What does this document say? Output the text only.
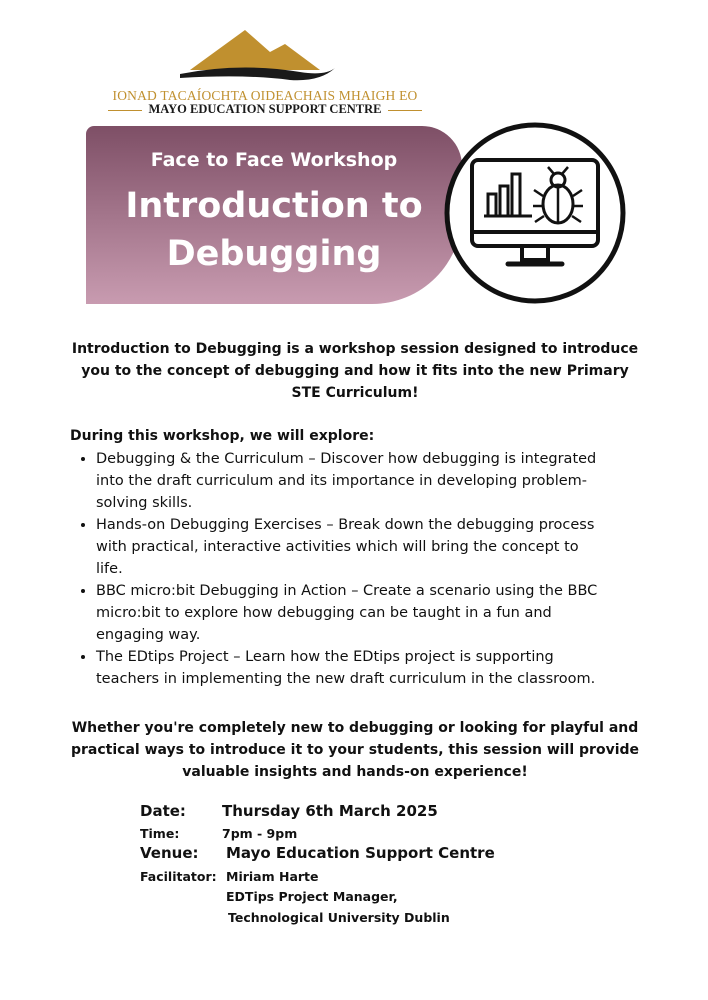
IONAD TACAÍOCHTA OIDEACHAIS MHAIGH EO
MAYO EDUCATION SUPPORT CENTRE
Face to Face Workshop
Introduction to
Debugging
Introduction to Debugging is a workshop session designed to introduce
you to the concept of debugging and how it fits into the new Primary
STE Curriculum!
During this workshop, we will explore:
• Debugging & the Curriculum – Discover how debugging is integrated
into the draft curriculum and its importance in developing problem-
solving skills.
• Hands-on Debugging Exercises – Break down the debugging process
with practical, interactive activities which will bring the concept to
life.
• BBC micro:bit Debugging in Action – Create a scenario using the BBC
micro:bit to explore how debugging can be taught in a fun and
engaging way.
• The EDtips Project – Learn how the EDtips project is supporting
teachers in implementing the new draft curriculum in the classroom.
Whether you're completely new to debugging or looking for playful and
practical ways to introduce it to your students, this session will provide
valuable insights and hands-on experience!
Date: Thursday 6th March 2025
Time:	7pm - 9pm
Venue: Mayo Education Support Centre
Facilitator: Miriam Harte
EDTips Project Manager,
Technological University Dublin
